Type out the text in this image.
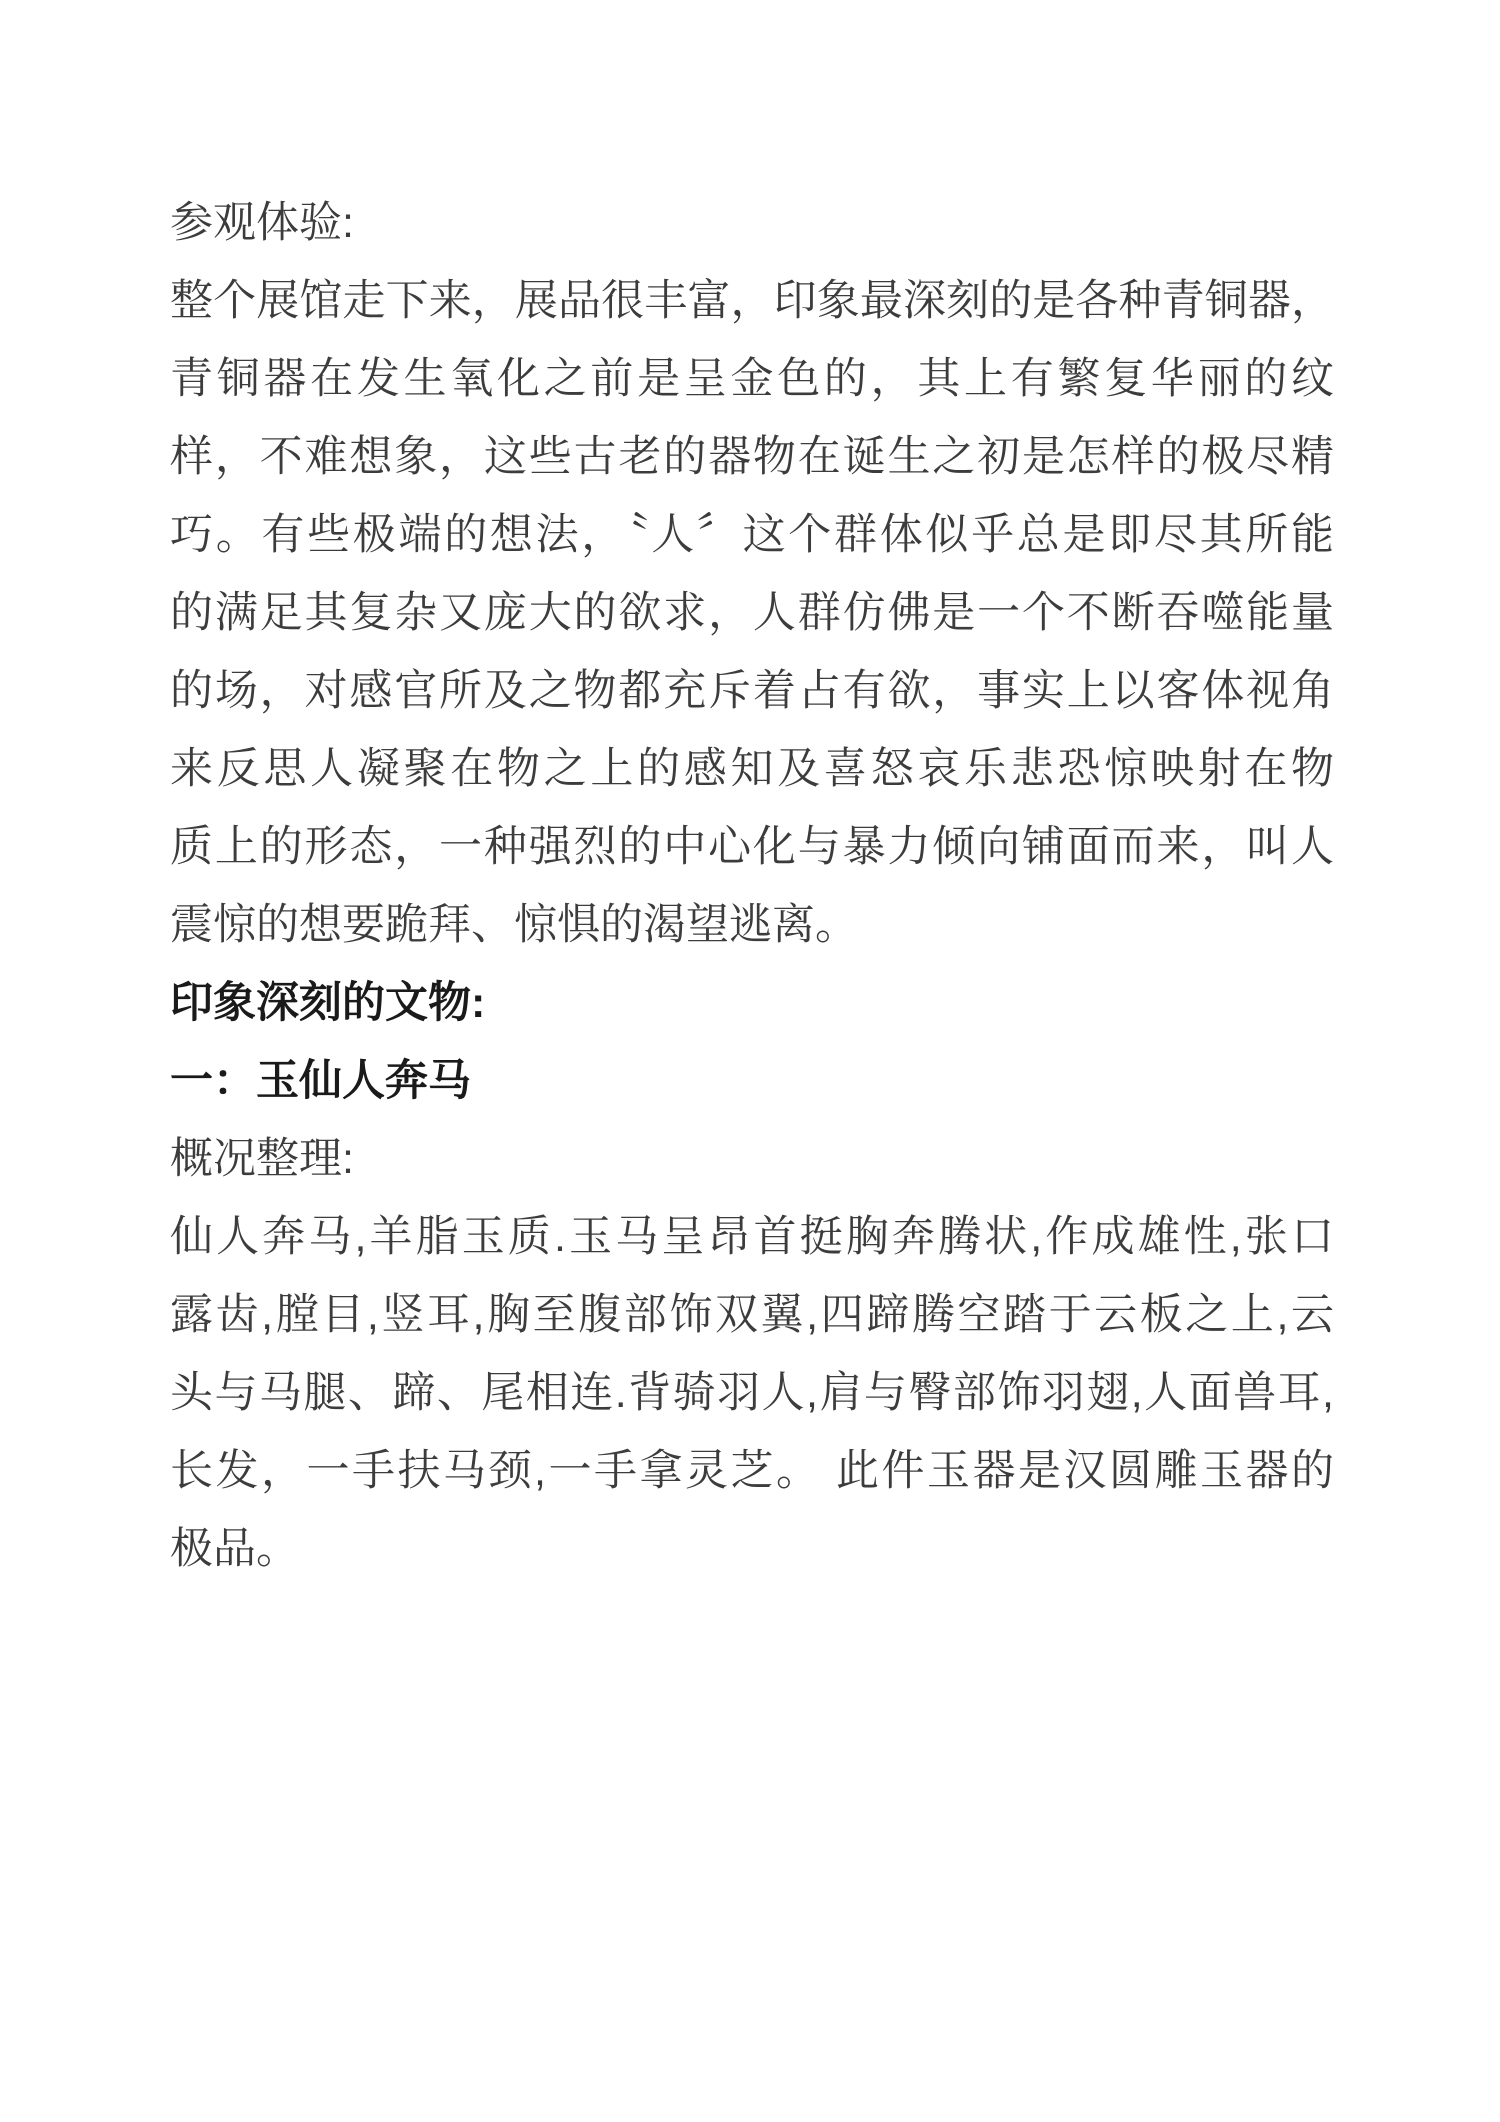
参观体验:
整个展馆走下来，展品很丰富，印象最深刻的是各种青铜器，
青铜器在发生氧化之前是呈金色的，其上有繁复华丽的纹
样，不难想象，这些古老的器物在诞生之初是怎样的极尽精
巧。有些极端的想法，〝人〞这个群体似乎总是即尽其所能
的满足其复杂又庞大的欲求，人群仿佛是一个不断吞噬能量
的场，对感官所及之物都充斥着占有欲，事实上以客体视角
来反思人凝聚在物之上的感知及喜怒哀乐悲恐惊映射在物
质上的形态，一种强烈的中心化与暴力倾向铺面而来，叫人
震惊的想要跪拜、惊惧的渴望逃离。
印象深刻的文物:
一：玉仙人奔马
概况整理:
仙人奔马,羊脂玉质.玉马呈昂首挺胸奔腾状,作成雄性,张口
露齿,膛目,竖耳,胸至腹部饰双翼,四蹄腾空踏于云板之上,云
头与马腿、蹄、尾相连.背骑羽人,肩与臀部饰羽翅,人面兽耳,
长发，一手扶马颈,一手拿灵芝。 此件玉器是汉圆雕玉器的
极品。
